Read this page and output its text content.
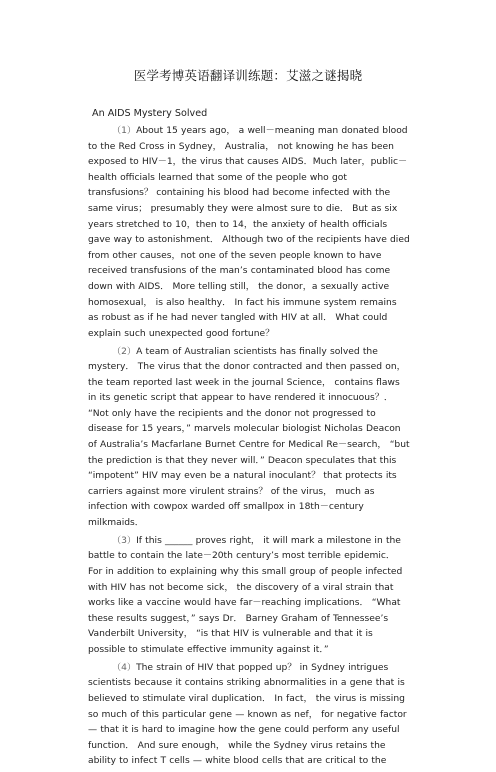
医学考博英语翻译训练题：艾滋之谜揭晓
An AIDS Mystery Solved

（1）About 15 years ago， a well－meaning man donated blood to the Red Cross in Sydney， Australia， not knowing he has been exposed to HIV－1，the virus that causes AIDS．Much later，public－health officials learned that some of the people who got transfusions？ containing his blood had become infected with the same virus； presumably they were almost sure to die． But as six years stretched to 10，then to 14，the anxiety of health officials gave way to astonishment． Although two of the recipients have died from other causes，not one of the seven people known to have received transfusions of the man’s contaminated blood has come down with AIDS． More telling still， the donor，a sexually active homosexual， is also healthy． In fact his immune system remains as robust as if he had never tangled with HIV at all． What could explain such unexpected good fortune？

（2）A team of Australian scientists has finally solved the mystery． The virus that the donor contracted and then passed on， the team reported last week in the journal Science， contains flaws in its genetic script that appear to have rendered it innocuous？． “Not only have the recipients and the donor not progressed to disease for 15 years，” marvels molecular biologist Nicholas Deacon of Australia’s Macfarlane Burnet Centre for Medical Re－search， “but the prediction is that they never will．” Deacon speculates that this “impotent” HIV may even be a natural inoculant？ that protects its carriers against more virulent strains？ of the virus， much as infection with cowpox warded off smallpox in 18th－century milkmaids．

（3）If this ______ proves right， it will mark a milestone in the battle to contain the late－20th century’s most terrible epidemic． For in addition to explaining why this small group of people infected with HIV has not become sick， the discovery of a viral strain that works like a vaccine would have far－reaching implications． “What these results suggest，” says Dr． Barney Graham of Tennessee’s Vanderbilt University， “is that HIV is vulnerable and that it is possible to stimulate effective immunity against it．”

（4）The strain of HIV that popped up？ in Sydney intrigues scientists because it contains striking abnormalities in a gene that is believed to stimulate viral duplication． In fact， the virus is missing so much of this particular gene — known as nef， for negative factor — that it is hard to imagine how the gene could perform any useful function． And sure enough， while the Sydney virus retains the ability to infect T cells — white blood cells that are critical to the
